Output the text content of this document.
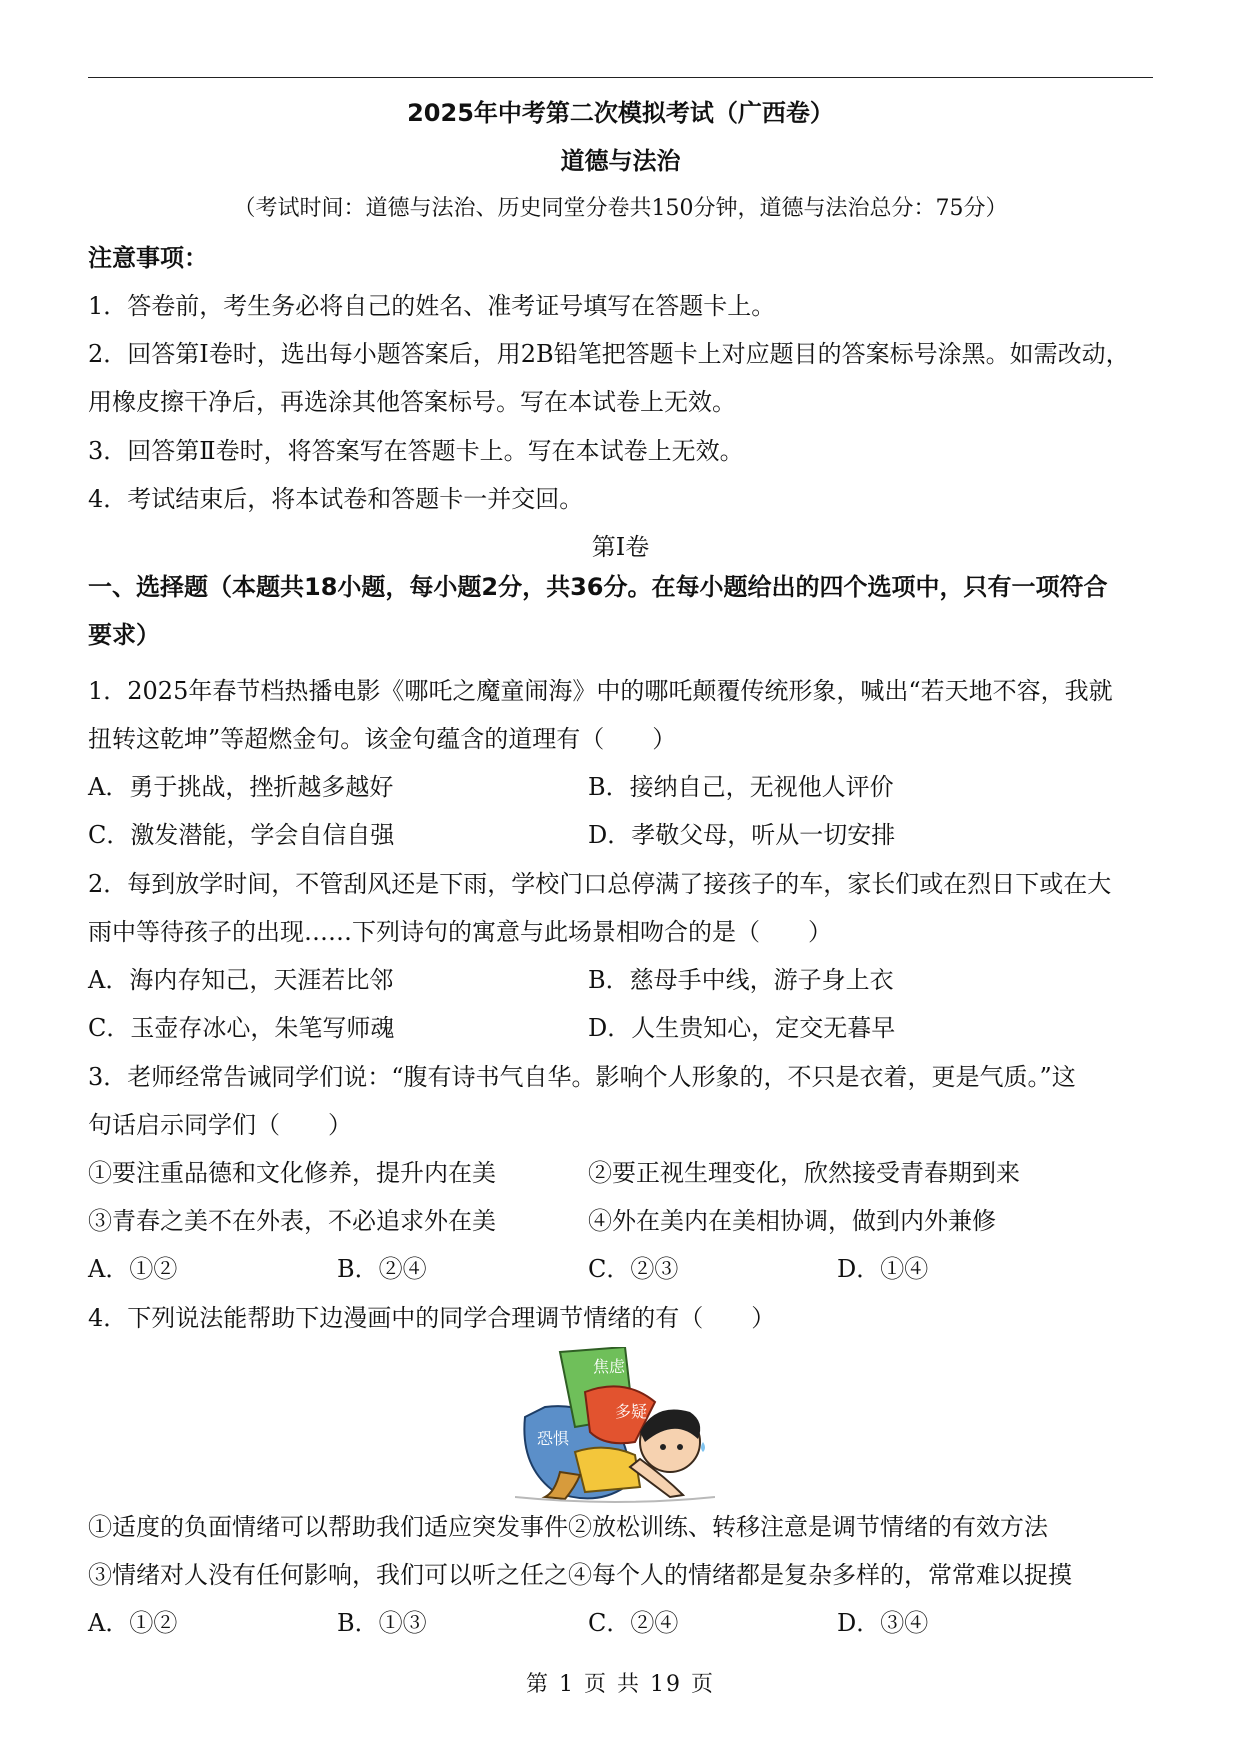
2025年中考第二次模拟考试（广西卷）
道德与法治
（考试时间：道德与法治、历史同堂分卷共150分钟，道德与法治总分：75分）
注意事项：
1．答卷前，考生务必将自己的姓名、准考证号填写在答题卡上。
2．回答第Ⅰ卷时，选出每小题答案后，用2B铅笔把答题卡上对应题目的答案标号涂黑。如需改动，
用橡皮擦干净后，再选涂其他答案标号。写在本试卷上无效。
3．回答第Ⅱ卷时，将答案写在答题卡上。写在本试卷上无效。
4．考试结束后，将本试卷和答题卡一并交回。
第Ⅰ卷
一、选择题（本题共18小题，每小题2分，共36分。在每小题给出的四个选项中，只有一项符合
要求）
1．2025年春节档热播电影《哪吒之魔童闹海》中的哪吒颠覆传统形象，喊出“若天地不容，我就
扭转这乾坤”等超燃金句。该金句蕴含的道理有（　　）
A．勇于挑战，挫折越多越好	B．接纳自己，无视他人评价
C．激发潜能，学会自信自强	D．孝敬父母，听从一切安排
2．每到放学时间，不管刮风还是下雨，学校门口总停满了接孩子的车，家长们或在烈日下或在大
雨中等待孩子的出现……下列诗句的寓意与此场景相吻合的是（　　）
A．海内存知己，天涯若比邻	B．慈母手中线，游子身上衣
C．玉壶存冰心，朱笔写师魂	D．人生贵知心，定交无暮早
3．老师经常告诫同学们说：“腹有诗书气自华。影响个人形象的，不只是衣着，更是气质。”这
句话启示同学们（　　）
①要注重品德和文化修养，提升内在美	②要正视生理变化，欣然接受青春期到来
③青春之美不在外表，不必追求外在美	④外在美内在美相协调，做到内外兼修
A．①②	B．②④	C．②③	D．①④
4．下列说法能帮助下边漫画中的同学合理调节情绪的有（　　）
焦虑
多疑
恐惧
①适度的负面情绪可以帮助我们适应突发事件②放松训练、转移注意是调节情绪的有效方法
③情绪对人没有任何影响，我们可以听之任之④每个人的情绪都是复杂多样的，常常难以捉摸
A．①②	B．①③	C．②④	D．③④
第 1 页 共 19 页
